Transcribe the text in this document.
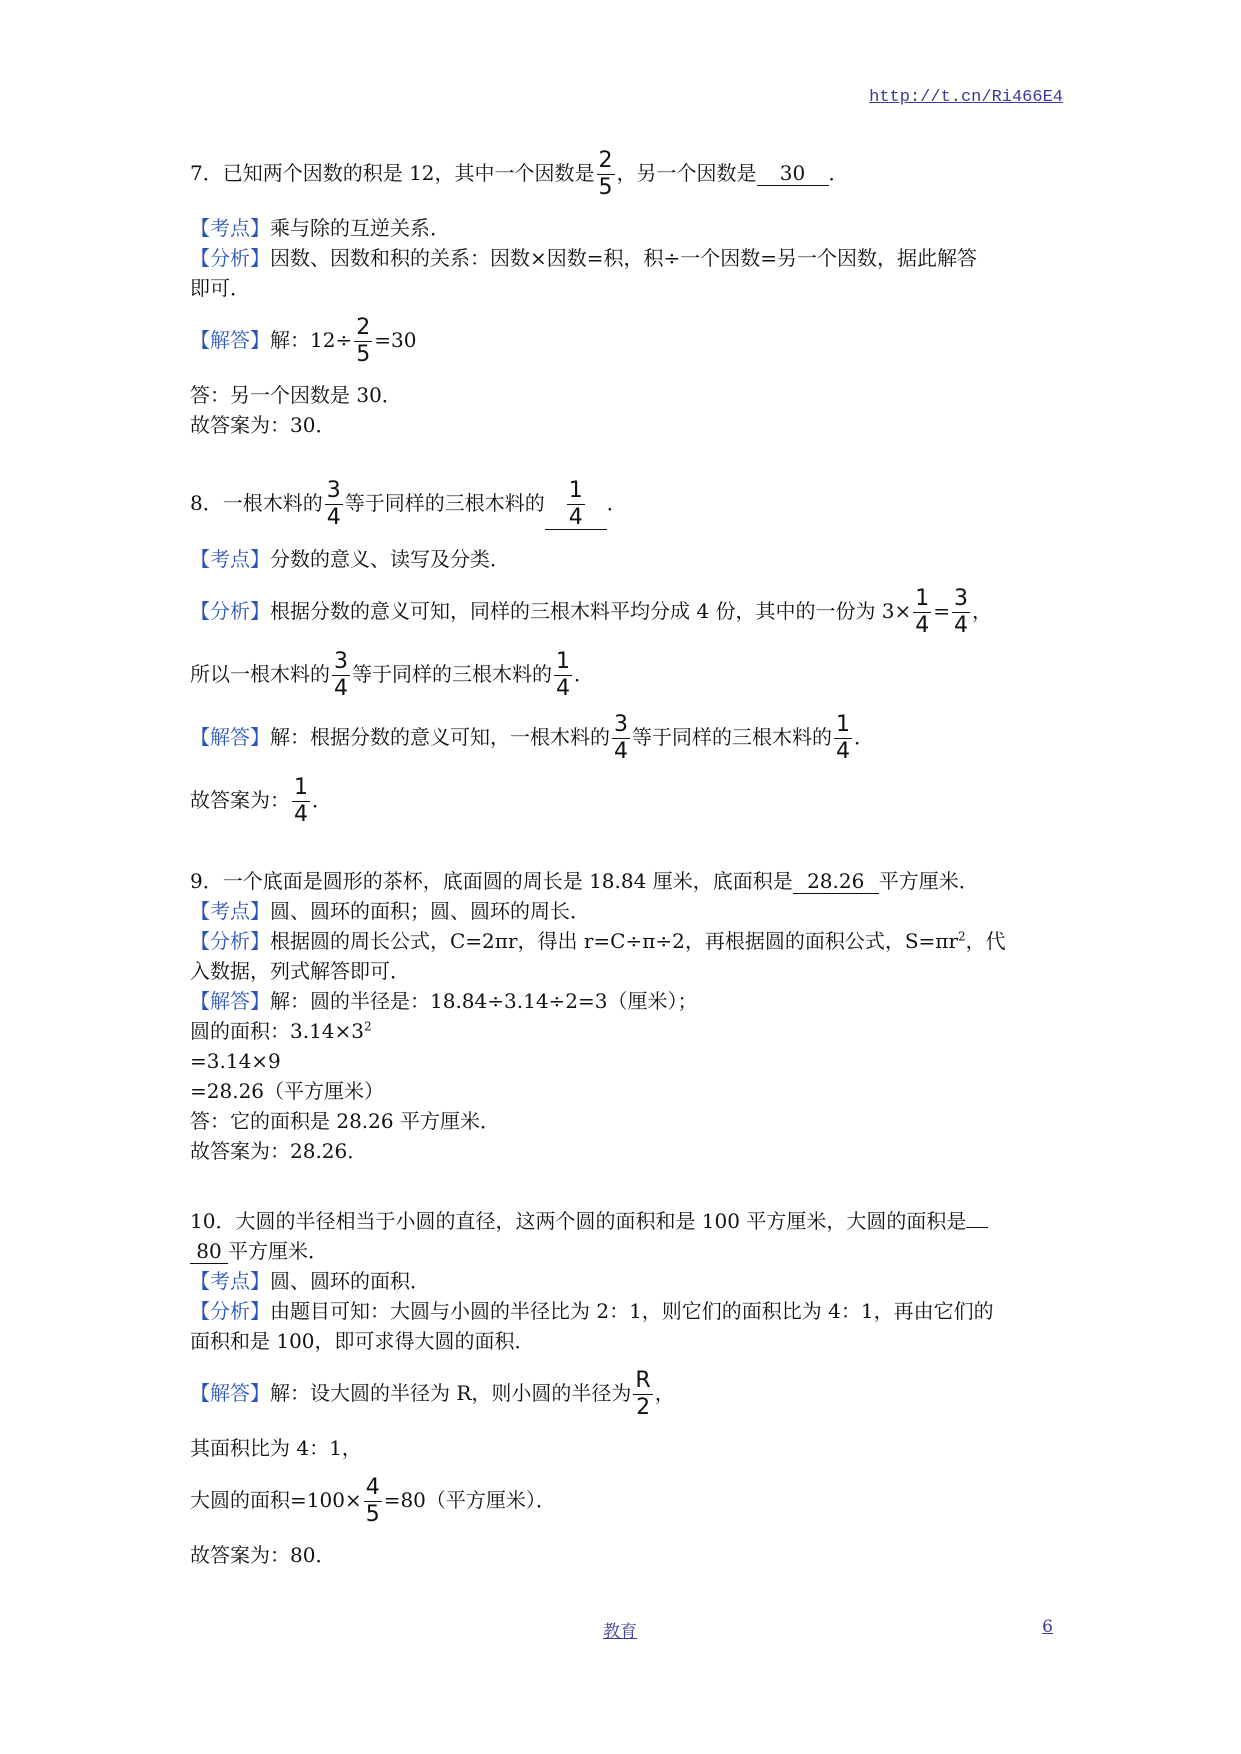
http://t.cn/Ri466E4
7．已知两个因数的积是 12，其中一个因数是 $\frac{2}{5}$ ，另一个因数是 30 ．
【考点】乘与除的互逆关系．
【分析】因数、因数和积的关系：因数×因数=积，积÷一个因数=另一个因数，据此解答
即可．
【解答】解：$12\div \frac{2}{5} =30$
答：另一个因数是 30．
故答案为：30．
8．一根木料的 $\frac{3}{4}$ 等于同样的三根木料的 $\frac{1}{4}$ ．
【考点】分数的意义、读写及分类．
【分析】根据分数的意义可知，同样的三根木料平均分成 4 份，其中的一份为 $3\times \frac{1}{4} = \frac{3}{4}$ ，
所以一根木料的 $\frac{3}{4}$ 等于同样的三根木料的 $\frac{1}{4}$ ．
【解答】解：根据分数的意义可知，一根木料的 $\frac{3}{4}$ 等于同样的三根木料的 $\frac{1}{4}$ ．
故答案为： $\frac{1}{4}$ ．
9．一个底面是圆形的茶杯，底面圆的周长是 18.84 厘米，底面积是 28.26 平方厘米．
【考点】圆、圆环的面积；圆、圆环的周长．
【分析】根据圆的周长公式，C=2πr，得出 r=C÷π÷2，再根据圆的面积公式，$S=\pi r^2$，代
入数据，列式解答即可．
【解答】解：圆的半径是：18.84÷3.14÷2=3（厘米）；
圆的面积：$3.14\times 3^2$
=3.14×9
=28.26（平方厘米）
答：它的面积是 28.26 平方厘米．
故答案为：28.26．
10．大圆的半径相当于小圆的直径，这两个圆的面积和是 100 平方厘米，大圆的面积是
80 平方厘米．
【考点】圆、圆环的面积．
【分析】由题目可知：大圆与小圆的半径比为 2：1，则它们的面积比为 4：1，再由它们的
面积和是 100，即可求得大圆的面积．
【解答】解：设大圆的半径为 R，则小圆的半径为 $\frac{R}{2}$ ，
其面积比为 4：1，
大圆的面积$=100\times \frac{4}{5} =80$（平方厘米）．
故答案为：80．
教育	6
